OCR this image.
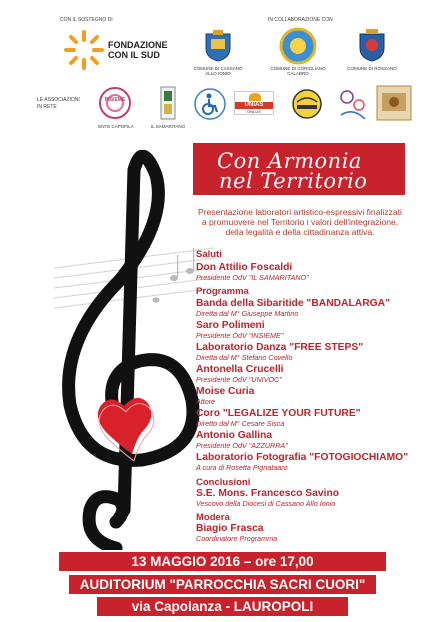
CON IL SOSTEGNO DI
FONDAZIONE
CON IL SUD
IN COLLABORAZIONE CON
COMUNE DI CASSANO ALLO IONIO
COMUNE DI CORIGLIANO CALABRO
COMUNE DI ROSSANO
LE ASSOCIAZIONI
IN RETE
INSIEME
ENTE CAPOFILA	IL SAMARITANO
UNIAS
ONLUS
Con Armonia
nel Territorio
Presentazione laboratori artistico-espressivi finalizzati
a promuovere nel Territorio i valori dell'integrazione,
della legalità e della cittadinanza attiva.
Saluti
Don Attilio Foscaldi
Presidente OdV "IL SAMARITANO"
Programma
Banda della Sibaritide "BANDALARGA"
Diretta dal M° Giuseppe Martino
Saro Polimeni
Presidente OdV "INSIEME"
Laboratorio Danza "FREE STEPS"
Diretta dal M° Stefano Covello
Antonella Crucelli
Presidente OdV "UNIVOC"
Moise Curia
Attore
Coro "LEGALIZE YOUR FUTURE"
Diretto dal M° Cesare Sisca
Antonio Gallina
Presidente OdV "AZZURRA"
Laboratorio Fotografia "FOTOGIOCHIAMO"
A cura di Rosetta Pignataaro
Conclusioni
S.E. Mons. Francesco Savino
Vescovo della Diocesi di Cassano Allo Ionio
Modera
Biagio Frasca
Coordinatore Programma
13 MAGGIO 2016 – ore 17,00
AUDITORIUM "PARROCCHIA SACRI CUORI"
via Capolanza - LAUROPOLI
